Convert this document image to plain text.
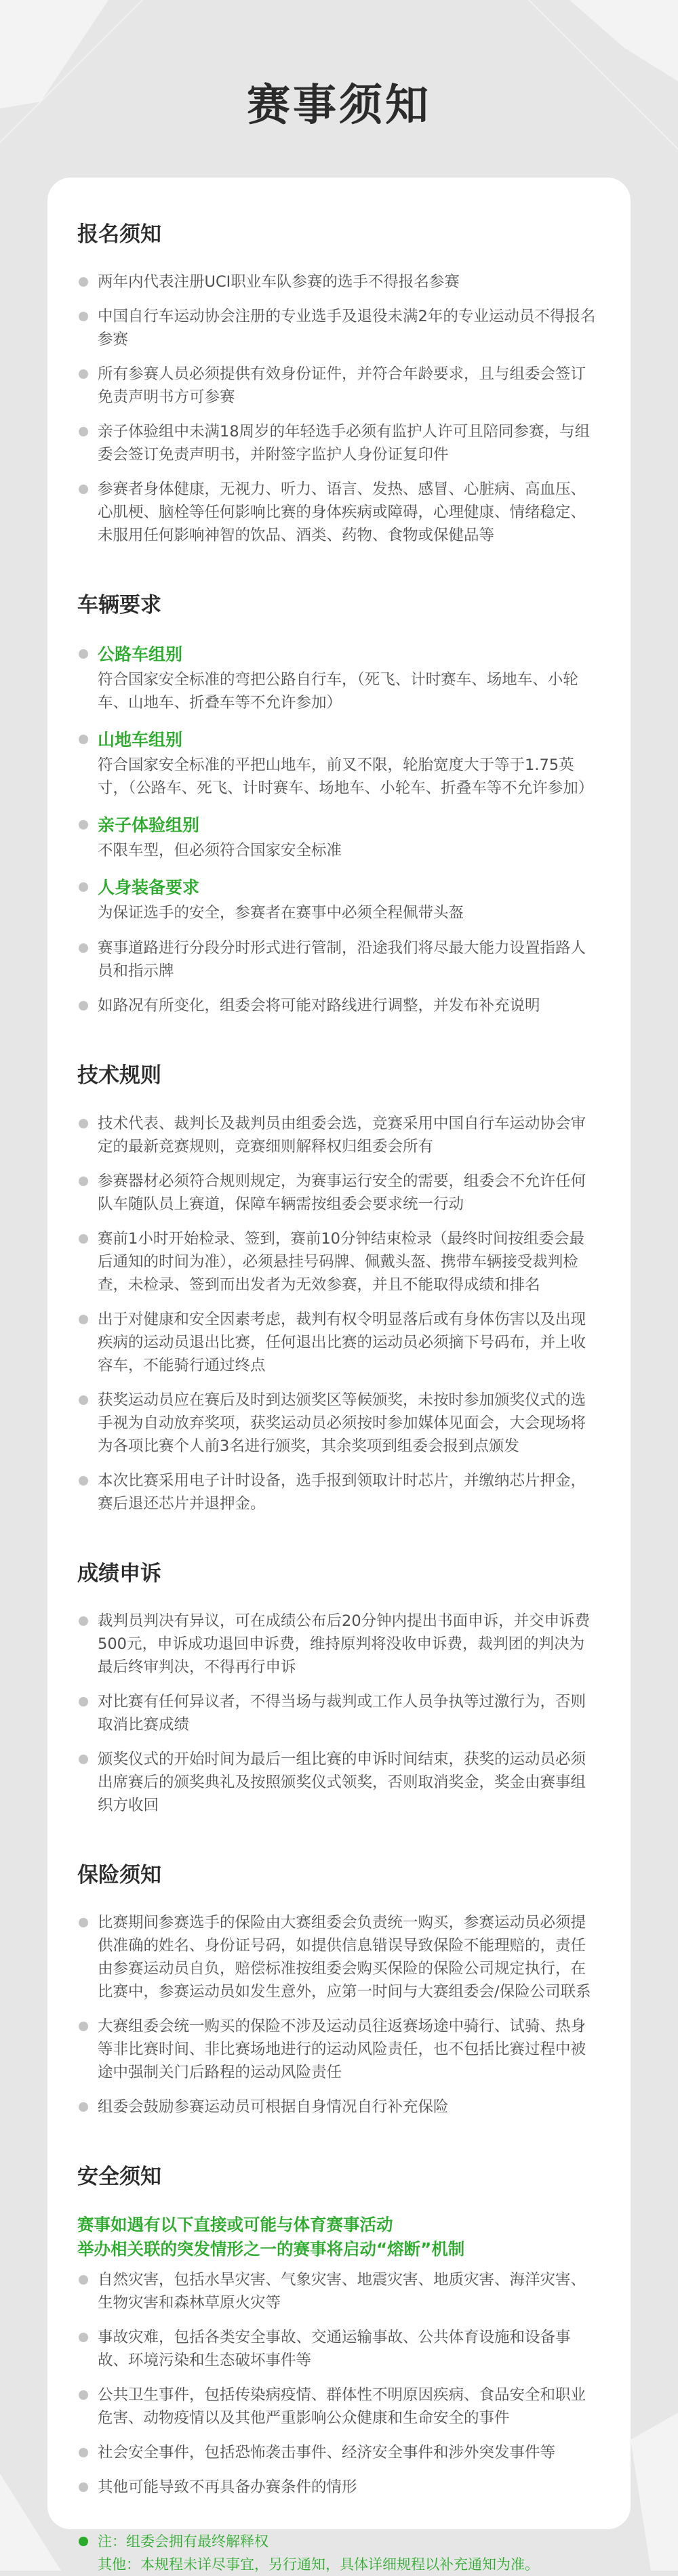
赛事须知
报名须知
两年内代表注册UCI职业车队参赛的选手不得报名参赛
中国自行车运动协会注册的专业选手及退役未满2年的专业运动员不得报名参赛
所有参赛人员必须提供有效身份证件，并符合年龄要求，且与组委会签订免责声明书方可参赛
亲子体验组中未满18周岁的年轻选手必须有监护人许可且陪同参赛，与组委会签订免责声明书，并附签字监护人身份证复印件
参赛者身体健康，无视力、听力、语言、发热、感冒、心脏病、高血压、心肌梗、脑栓等任何影响比赛的身体疾病或障碍，心理健康、情绪稳定、未服用任何影响神智的饮品、酒类、药物、食物或保健品等
车辆要求
公路车组别
符合国家安全标准的弯把公路自行车，（死飞、计时赛车、场地车、小轮车、山地车、折叠车等不允许参加）
山地车组别
符合国家安全标准的平把山地车，前叉不限，轮胎宽度大于等于1.75英寸，（公路车、死飞、计时赛车、场地车、小轮车、折叠车等不允许参加）
亲子体验组别
不限车型，但必须符合国家安全标准
人身装备要求
为保证选手的安全，参赛者在赛事中必须全程佩带头盔
赛事道路进行分段分时形式进行管制，沿途我们将尽最大能力设置指路人员和指示牌
如路况有所变化，组委会将可能对路线进行调整，并发布补充说明
技术规则
技术代表、裁判长及裁判员由组委会选，竞赛采用中国自行车运动协会审定的最新竞赛规则，竞赛细则解释权归组委会所有
参赛器材必须符合规则规定，为赛事运行安全的需要，组委会不允许任何队车随队员上赛道，保障车辆需按组委会要求统一行动
赛前1小时开始检录、签到，赛前10分钟结束检录（最终时间按组委会最后通知的时间为准），必须悬挂号码牌、佩戴头盔、携带车辆接受裁判检查，未检录、签到而出发者为无效参赛，并且不能取得成绩和排名
出于对健康和安全因素考虑，裁判有权令明显落后或有身体伤害以及出现疾病的运动员退出比赛，任何退出比赛的运动员必须摘下号码布，并上收容车，不能骑行通过终点
获奖运动员应在赛后及时到达颁奖区等候颁奖，未按时参加颁奖仪式的选手视为自动放弃奖项，获奖运动员必须按时参加媒体见面会，大会现场将为各项比赛个人前3名进行颁奖，其余奖项到组委会报到点颁发
本次比赛采用电子计时设备，选手报到领取计时芯片，并缴纳芯片押金，赛后退还芯片并退押金。
成绩申诉
裁判员判决有异议，可在成绩公布后20分钟内提出书面申诉，并交申诉费500元，申诉成功退回申诉费，维持原判将没收申诉费，裁判团的判决为最后终审判决，不得再行申诉
对比赛有任何异议者，不得当场与裁判或工作人员争执等过激行为，否则取消比赛成绩
颁奖仪式的开始时间为最后一组比赛的申诉时间结束，获奖的运动员必须出席赛后的颁奖典礼及按照颁奖仪式领奖，否则取消奖金，奖金由赛事组织方收回
保险须知
比赛期间参赛选手的保险由大赛组委会负责统一购买，参赛运动员必须提供准确的姓名、身份证号码，如提供信息错误导致保险不能理赔的，责任由参赛运动员自负，赔偿标准按组委会购买保险的保险公司规定执行，在比赛中，参赛运动员如发生意外，应第一时间与大赛组委会/保险公司联系
大赛组委会统一购买的保险不涉及运动员往返赛场途中骑行、试骑、热身等非比赛时间、非比赛场地进行的运动风险责任，也不包括比赛过程中被途中强制关门后路程的运动风险责任
组委会鼓励参赛运动员可根据自身情况自行补充保险
安全须知
赛事如遇有以下直接或可能与体育赛事活动
举办相关联的突发情形之一的赛事将启动“熔断”机制
自然灾害，包括水旱灾害、气象灾害、地震灾害、地质灾害、海洋灾害、生物灾害和森林草原火灾等
事故灾难，包括各类安全事故、交通运输事故、公共体育设施和设备事故、环境污染和生态破坏事件等
公共卫生事件，包括传染病疫情、群体性不明原因疾病、食品安全和职业危害、动物疫情以及其他严重影响公众健康和生命安全的事件
社会安全事件，包括恐怖袭击事件、经济安全事件和涉外突发事件等
其他可能导致不再具备办赛条件的情形
注：组委会拥有最终解释权
其他：本规程未详尽事宜，另行通知，具体详细规程以补充通知为准。
